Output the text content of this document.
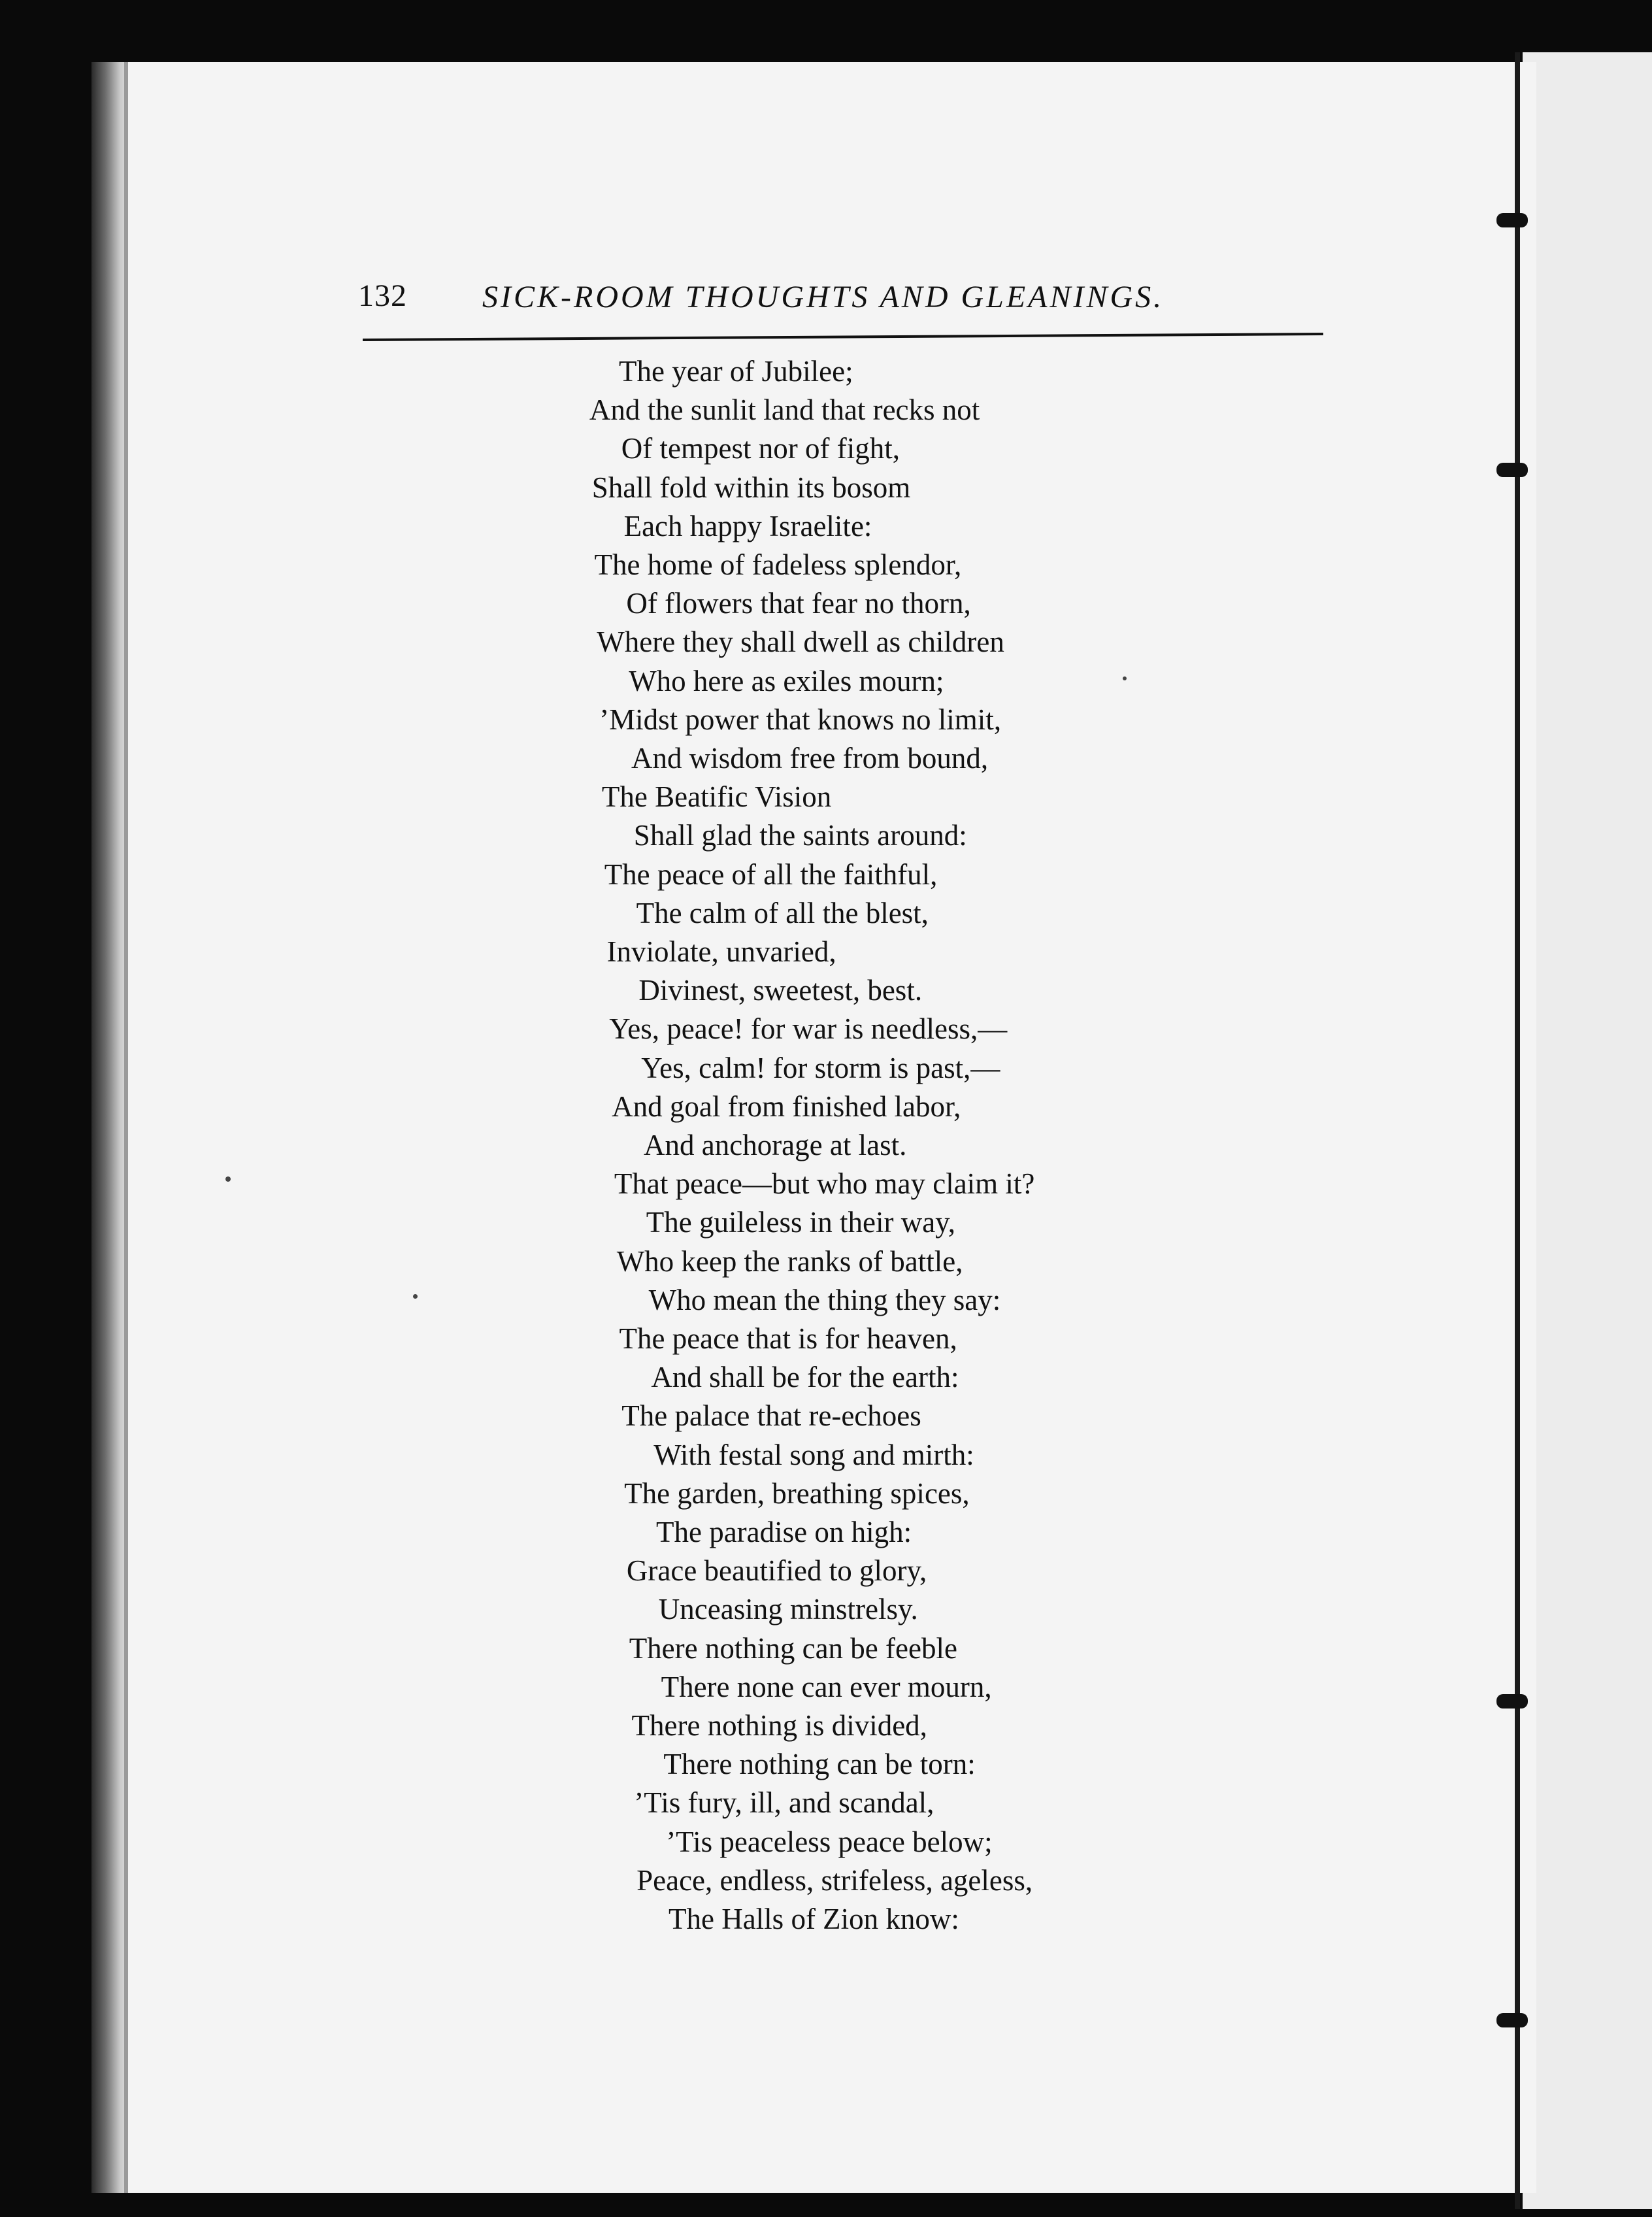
132 SICK-ROOM THOUGHTS AND GLEANINGS.
The year of Jubilee;
And the sunlit land that recks not
Of tempest nor of fight,
Shall fold within its bosom
Each happy Israelite:
The home of fadeless splendor,
Of flowers that fear no thorn,
Where they shall dwell as children
Who here as exiles mourn;
’Midst power that knows no limit,
And wisdom free from bound,
The Beatific Vision
Shall glad the saints around:
The peace of all the faithful,
The calm of all the blest,
Inviolate, unvaried,
Divinest, sweetest, best.
Yes, peace! for war is needless,—
Yes, calm! for storm is past,—
And goal from finished labor,
And anchorage at last.
That peace—but who may claim it?
The guileless in their way,
Who keep the ranks of battle,
Who mean the thing they say:
The peace that is for heaven,
And shall be for the earth:
The palace that re-echoes
With festal song and mirth:
The garden, breathing spices,
The paradise on high:
Grace beautified to glory,
Unceasing minstrelsy.
There nothing can be feeble
There none can ever mourn,
There nothing is divided,
There nothing can be torn:
’Tis fury, ill, and scandal,
’Tis peaceless peace below;
Peace, endless, strifeless, ageless,
The Halls of Zion know:
